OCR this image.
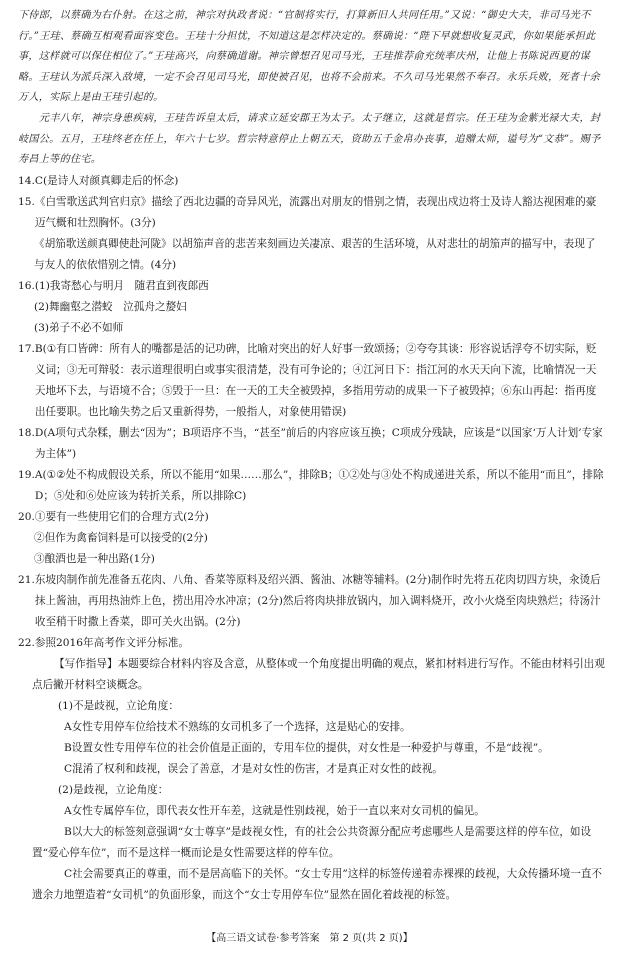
下侍郎，以蔡确为右仆射。在这之前，神宗对执政者说：“官制将实行，打算新旧人共同任用。”又说：“御史大夫，非司马光不行。”王珪、蔡确互相观看面容变色。王珪十分担忧，不知道这是怎样决定的。蔡确说：“陛下早就想收复灵武，你如果能承担此事，这样就可以保住相位了。”王珪高兴，向蔡确道谢。神宗曾想召见司马光，王珪推荐俞充统率庆州，让他上书陈说西夏的谋略。王珪认为派兵深入敌境，一定不会召见司马光，即使被召见，也将不会前来。不久司马光果然不奉召。永乐兵败，死者十余万人，实际上是由王珪引起的。
元丰八年，神宗身患疾病，王珪告诉皇太后，请求立延安郡王为太子。太子继立，这就是哲宗。任王珪为金紫光禄大夫，封岐国公。五月，王珪终老在任上，年六十七岁。哲宗特意停止上朝五天，资助五千金帛办丧事，追赠太师，谥号为“文恭”。赐予寿昌上等的住宅。
14. C(是诗人对颜真卿走后的怀念)
15. 《白雪歌送武判官归京》描绘了西北边疆的奇异风光，流露出对朋友的惜别之情，表现出戍边将士及诗人豁达视困难的豪迈气概和壮烈胸怀。(3分)
《胡笳歌送颜真卿使赴河陇》以胡笳声音的悲苦来刻画边关凄凉、艰苦的生活环境，从对悲壮的胡笳声的描写中，表现了与友人的依依惜别之情。(4分)
16. (1)我寄愁心与明月　随君直到夜郎西
(2)舞幽壑之潜蛟　泣孤舟之嫠妇
(3)弟子不必不如师
17. B(①有口皆碑：所有人的嘴都是活的记功碑，比喻对突出的好人好事一致颂扬；②夸夸其谈：形容说话浮夸不切实际，贬义词；③无可辩驳：表示道理很明白或事实很清楚，没有可争论的；④江河日下：指江河的水天天向下流，比喻情况一天天地坏下去，与语境不合；⑤毁于一旦：在一天的工夫全被毁掉，多指用劳动的成果一下子被毁掉；⑥东山再起：指再度出任要职。也比喻失势之后又重新得势，一般指人，对象使用错误)
18. D(A项句式杂糅，删去“因为”；B项语序不当，“甚至”前后的内容应该互换；C项成分残缺，应该是“以国家‘万人计划’专家为主体”)
19. A(①②处不构成假设关系，所以不能用“如果……那么”，排除B；①②处与③处不构成递进关系，所以不能用“而且”，排除D；⑤处和⑥处应该为转折关系，所以排除C)
20. ①要有一些使用它们的合理方式(2分)
②但作为禽畜饲料是可以接受的(2分)
③酿酒也是一种出路(1分)
21. 东坡肉制作前先准备五花肉、八角、香菜等原料及绍兴酒、酱油、冰糖等辅料。(2分)制作时先将五花肉切四方块，汆烫后抹上酱油，再用热油炸上色，捞出用冷水冲凉；(2分)然后将肉块排放锅内，加入调料烧开，改小火烧至肉块熟烂；待汤汁收至稍干时撒上香菜，即可关火出锅。(2分)
22. 参照2016年高考作文评分标准。
【写作指导】本题要综合材料内容及含意，从整体或一个角度提出明确的观点，紧扣材料进行写作。不能由材料引出观点后撇开材料空谈概念。
(1)不是歧视，立论角度：
A女性专用停车位给技术不熟练的女司机多了一个选择，这是贴心的安排。
B设置女性专用停车位的社会价值是正面的，专用车位的提供，对女性是一种爱护与尊重，不是“歧视”。
C混淆了权利和歧视，误会了善意，才是对女性的伤害，才是真正对女性的歧视。
(2)是歧视，立论角度：
A女性专属停车位，即代表女性开车差，这就是性别歧视，始于一直以来对女司机的偏见。
B以大大的标签刻意强调“女士尊享”是歧视女性，有的社会公共资源分配应考虑哪些人是需要这样的停车位，如设置“爱心停车位”，而不是这样一概而论是女性需要这样的停车位。
C社会需要真正的尊重，而不是居高临下的关怀。“女士专用”这样的标签传递着赤裸裸的歧视，大众传播环境一直不遗余力地塑造着“女司机”的负面形象，而这个“女士专用停车位”显然在固化着歧视的标签。
【高三语文试卷·参考答案　第 2 页(共 2 页)】
